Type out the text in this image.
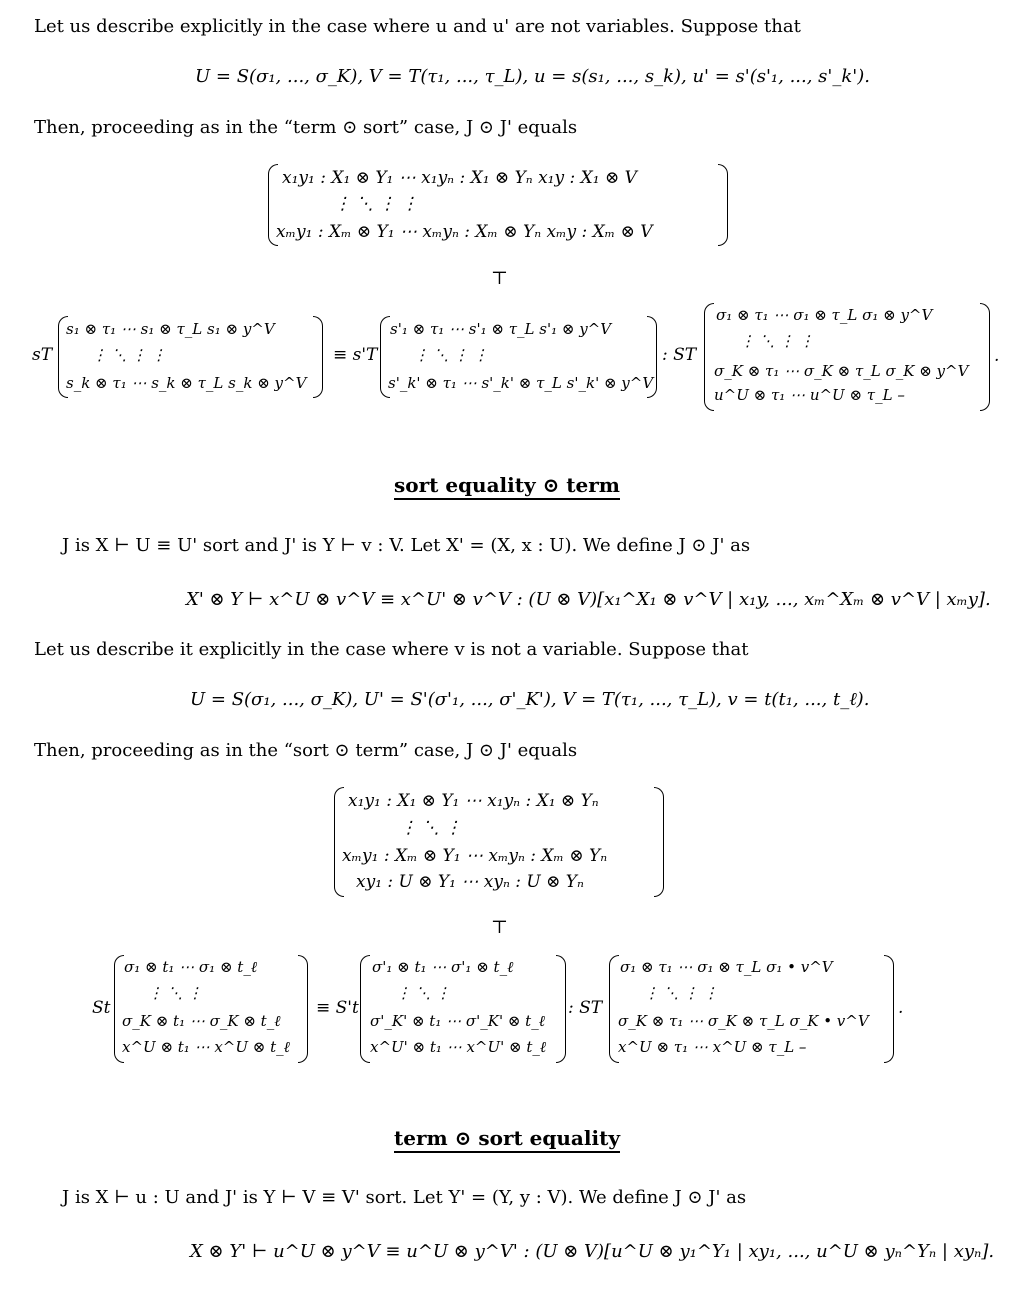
Let us describe explicitly in the case where u and u' are not variables. Suppose that
U = S(σ₁, ..., σ_K), V = T(τ₁, ..., τ_L), u = s(s₁, ..., s_k), u' = s'(s'₁, ..., s'_k').
Then, proceeding as in the “term ⊙ sort” case, J ⊙ J' equals
x₁y₁ : X₁ ⊗ Y₁ ⋯ x₁yₙ : X₁ ⊗ Yₙ x₁y : X₁ ⊗ V
⋮ ⋱ ⋮ ⋮
xₘy₁ : Xₘ ⊗ Y₁ ⋯ xₘyₙ : Xₘ ⊗ Yₙ xₘy : Xₘ ⊗ V
⊤
sT
s₁ ⊗ τ₁ ⋯ s₁ ⊗ τ_L s₁ ⊗ y^V
⋮ ⋱ ⋮ ⋮
s_k ⊗ τ₁ ⋯ s_k ⊗ τ_L s_k ⊗ y^V
≡ s'T
s'₁ ⊗ τ₁ ⋯ s'₁ ⊗ τ_L s'₁ ⊗ y^V
⋮ ⋱ ⋮ ⋮
s'_k' ⊗ τ₁ ⋯ s'_k' ⊗ τ_L s'_k' ⊗ y^V
: ST
σ₁ ⊗ τ₁ ⋯ σ₁ ⊗ τ_L σ₁ ⊗ y^V
⋮ ⋱ ⋮ ⋮
σ_K ⊗ τ₁ ⋯ σ_K ⊗ τ_L σ_K ⊗ y^V
u^U ⊗ τ₁ ⋯ u^U ⊗ τ_L –
.
sort equality ⊙ term
J is X ⊢ U ≡ U' sort and J' is Y ⊢ v : V. Let X' = (X, x : U). We define J ⊙ J' as
X' ⊗ Y ⊢ x^U ⊗ v^V ≡ x^U' ⊗ v^V : (U ⊗ V)[x₁^X₁ ⊗ v^V | x₁y, ..., xₘ^Xₘ ⊗ v^V | xₘy].
Let us describe it explicitly in the case where v is not a variable. Suppose that
U = S(σ₁, ..., σ_K), U' = S'(σ'₁, ..., σ'_K'), V = T(τ₁, ..., τ_L), v = t(t₁, ..., t_ℓ).
Then, proceeding as in the “sort ⊙ term” case, J ⊙ J' equals
x₁y₁ : X₁ ⊗ Y₁ ⋯ x₁yₙ : X₁ ⊗ Yₙ
⋮ ⋱ ⋮
xₘy₁ : Xₘ ⊗ Y₁ ⋯ xₘyₙ : Xₘ ⊗ Yₙ
xy₁ : U ⊗ Y₁ ⋯ xyₙ : U ⊗ Yₙ
⊤
St
σ₁ ⊗ t₁ ⋯ σ₁ ⊗ t_ℓ
⋮ ⋱ ⋮
σ_K ⊗ t₁ ⋯ σ_K ⊗ t_ℓ
x^U ⊗ t₁ ⋯ x^U ⊗ t_ℓ
≡ S't
σ'₁ ⊗ t₁ ⋯ σ'₁ ⊗ t_ℓ
⋮ ⋱ ⋮
σ'_K' ⊗ t₁ ⋯ σ'_K' ⊗ t_ℓ
x^U' ⊗ t₁ ⋯ x^U' ⊗ t_ℓ
: ST
σ₁ ⊗ τ₁ ⋯ σ₁ ⊗ τ_L σ₁ • v^V
⋮ ⋱ ⋮ ⋮
σ_K ⊗ τ₁ ⋯ σ_K ⊗ τ_L σ_K • v^V
x^U ⊗ τ₁ ⋯ x^U ⊗ τ_L –
.
term ⊙ sort equality
J is X ⊢ u : U and J' is Y ⊢ V ≡ V' sort. Let Y' = (Y, y : V). We define J ⊙ J' as
X ⊗ Y' ⊢ u^U ⊗ y^V ≡ u^U ⊗ y^V' : (U ⊗ V)[u^U ⊗ y₁^Y₁ | xy₁, ..., u^U ⊗ yₙ^Yₙ | xyₙ].
